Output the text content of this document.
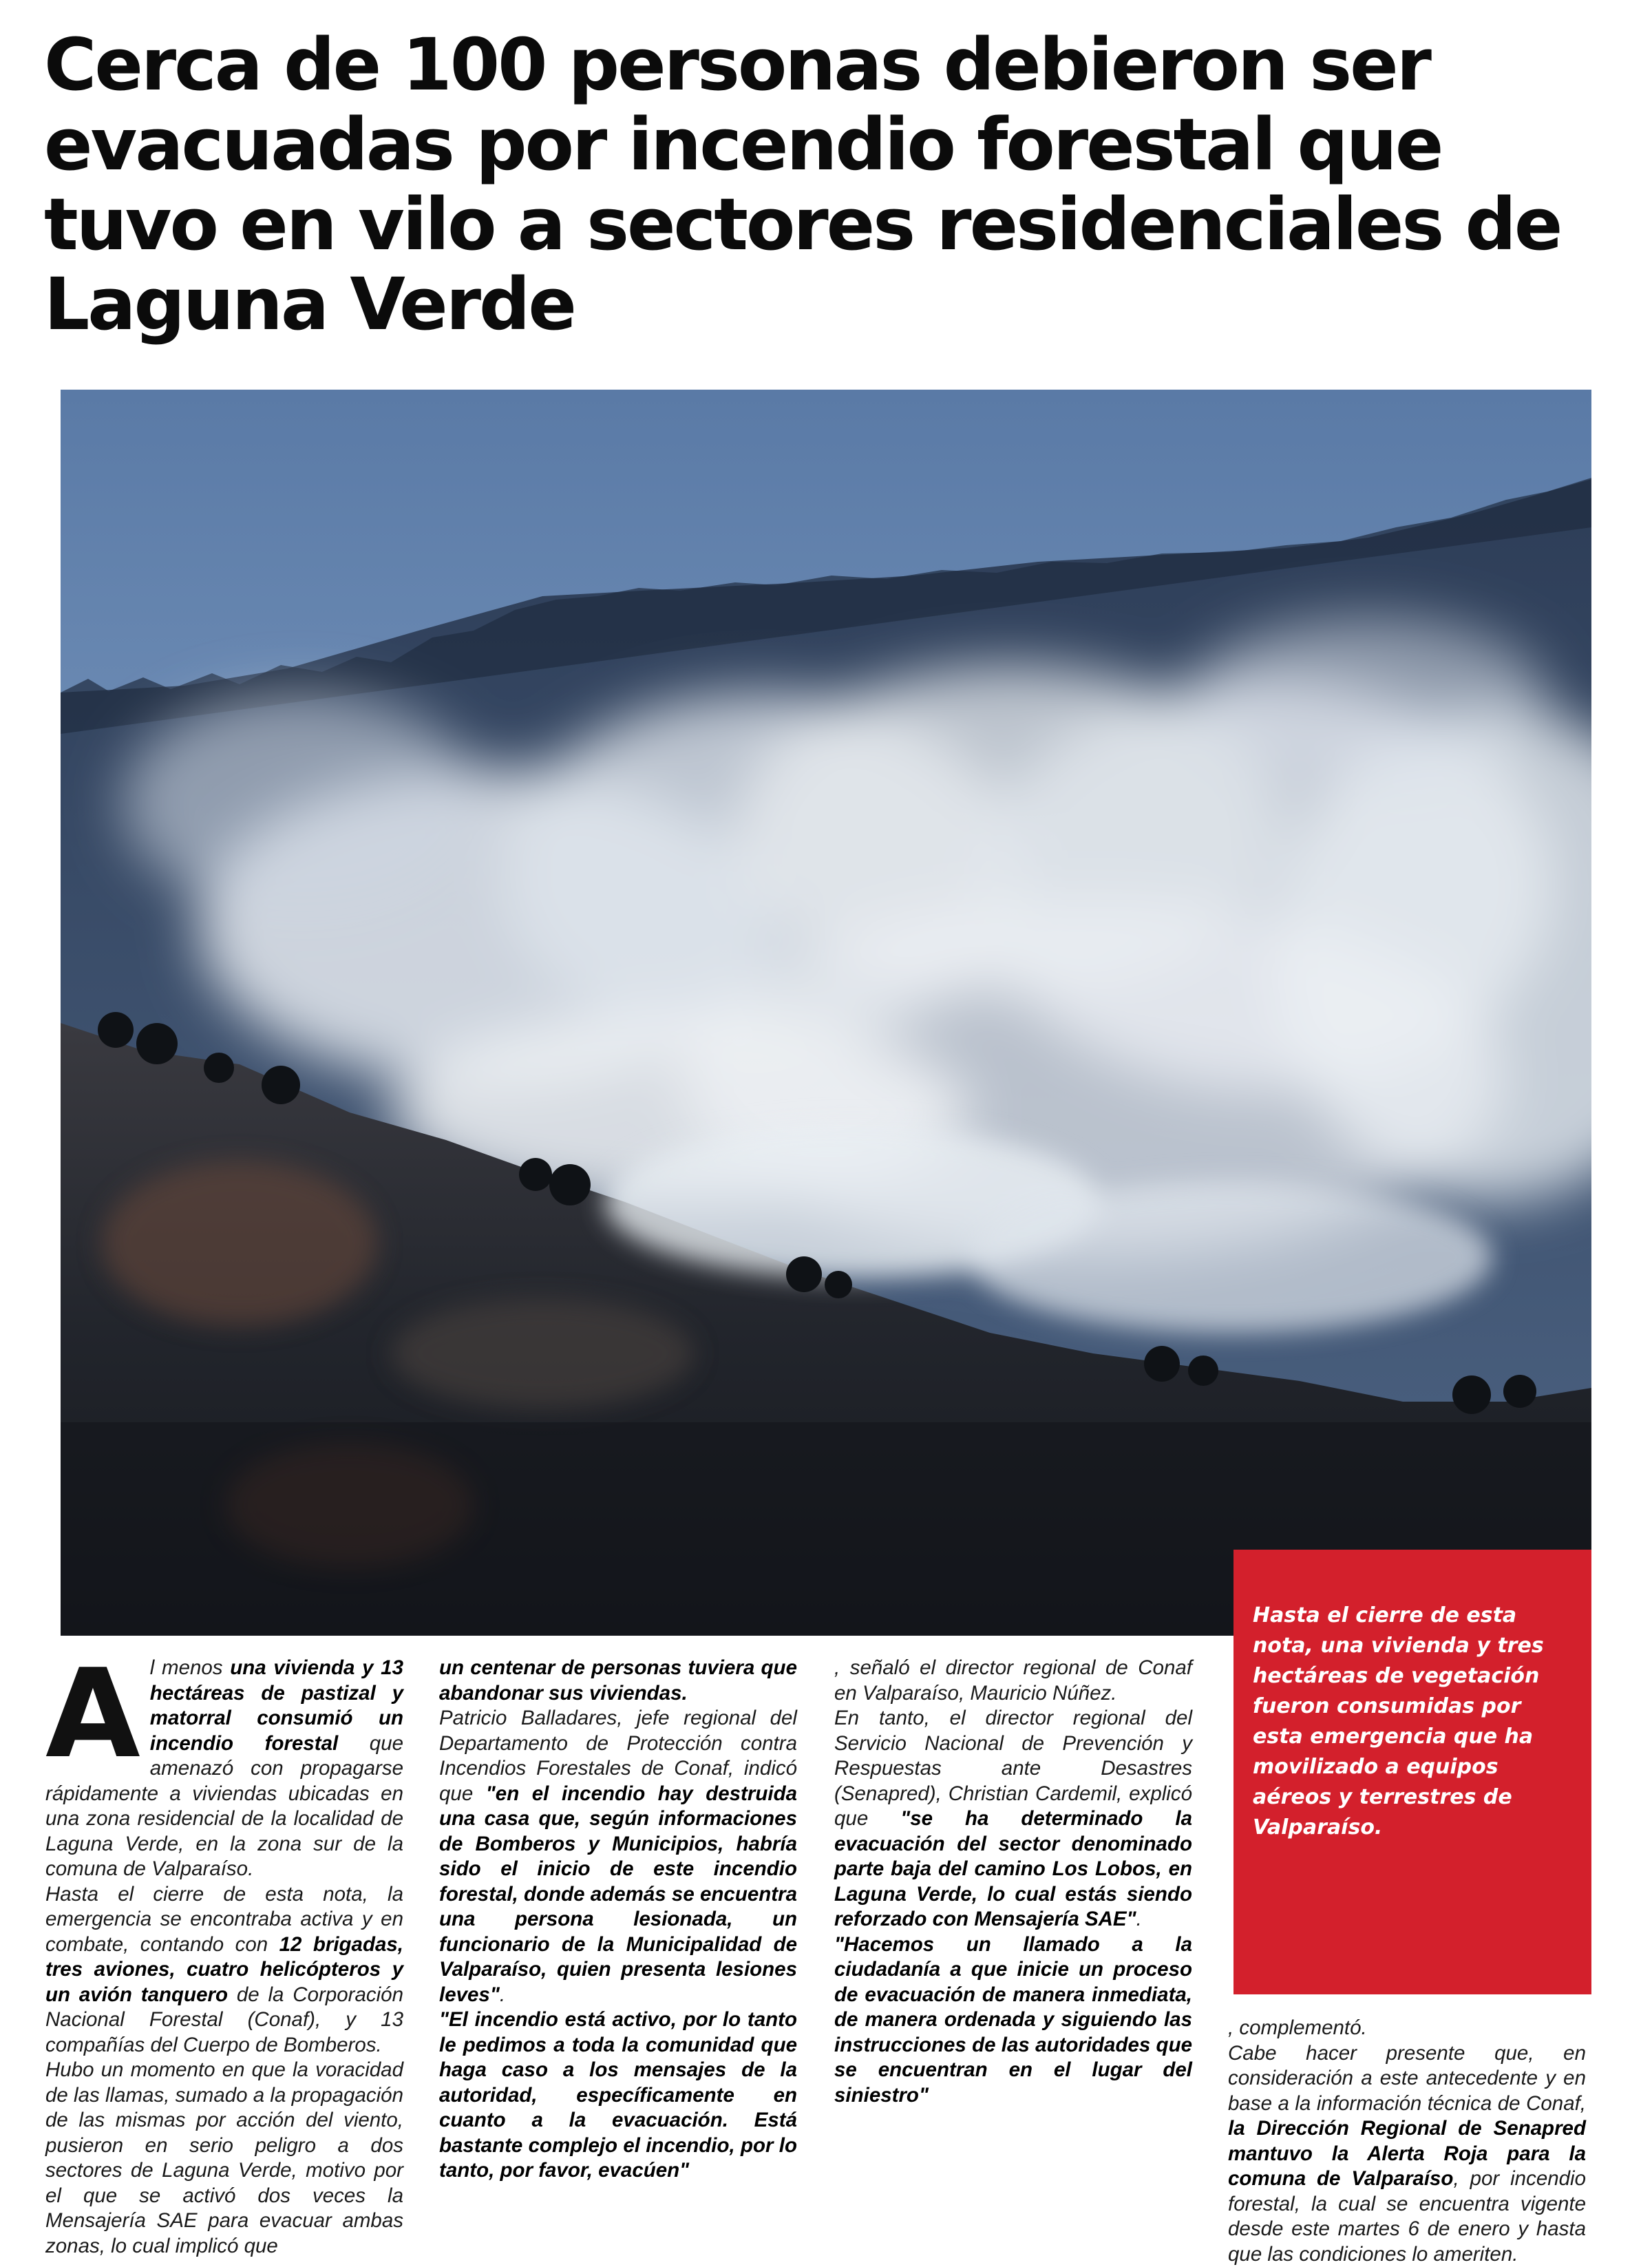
Cerca de 100 personas debieron ser evacuadas por incendio forestal que tuvo en vilo a sectores residenciales de Laguna Verde

Hasta el cierre de esta nota, una vivienda y tres hectáreas de vegetación fueron consumidas por esta emergencia que ha movilizado a equipos aéreos y terrestres de Valparaíso.

A l menos una vivienda y 13 hectáreas de pastizal y matorral consumió un incendio forestal que amenazó con propagarse rápidamente a viviendas ubicadas en una zona residencial de la localidad de Laguna Verde, en la zona sur de la comuna de Valparaíso.

Hasta el cierre de esta nota, la emergencia se encontraba activa y en combate, contando con 12 brigadas, tres aviones, cuatro helicópteros y un avión tanquero de la Corporación Nacional Forestal (Conaf), y 13 compañías del Cuerpo de Bomberos.

Hubo un momento en que la voracidad de las llamas, sumado a la propagación de las mismas por acción del viento, pusieron en serio peligro a dos sectores de Laguna Verde, motivo por el que se activó dos veces la Mensajería SAE para evacuar ambas zonas, lo cual implicó que

un centenar de personas tuviera que abandonar sus viviendas.

Patricio Balladares, jefe regional del Departamento de Protección contra Incendios Forestales de Conaf, indicó que "en el incendio hay destruida una casa que, según informaciones de Bomberos y Municipios, habría sido el inicio de este incendio forestal, donde además se encuentra una persona lesionada, un funcionario de la Municipalidad de Valparaíso, quien presenta lesiones leves".

"El incendio está activo, por lo tanto le pedimos a toda la comunidad que haga caso a los mensajes de la autoridad, específicamente en cuanto a la evacuación. Está bastante complejo el incendio, por lo tanto, por favor, evacúen"

, señaló el director regional de Conaf en Valparaíso, Mauricio Núñez.

En tanto, el director regional del Servicio Nacional de Prevención y Respuestas ante Desastres (Senapred), Christian Cardemil, explicó que "se ha determinado la evacuación del sector denominado parte baja del camino Los Lobos, en Laguna Verde, lo cual estás siendo reforzado con Mensajería SAE".

"Hacemos un llamado a la ciudadanía a que inicie un proceso de evacuación de manera inmediata, de manera ordenada y siguiendo las instrucciones de las autoridades que se encuentran en el lugar del siniestro"

, complementó.

Cabe hacer presente que, en consideración a este antecedente y en base a la información técnica de Conaf, la Dirección Regional de Senapred mantuvo la Alerta Roja para la comuna de Valparaíso, por incendio forestal, la cual se encuentra vigente desde este martes 6 de enero y hasta que las condiciones lo ameriten.
